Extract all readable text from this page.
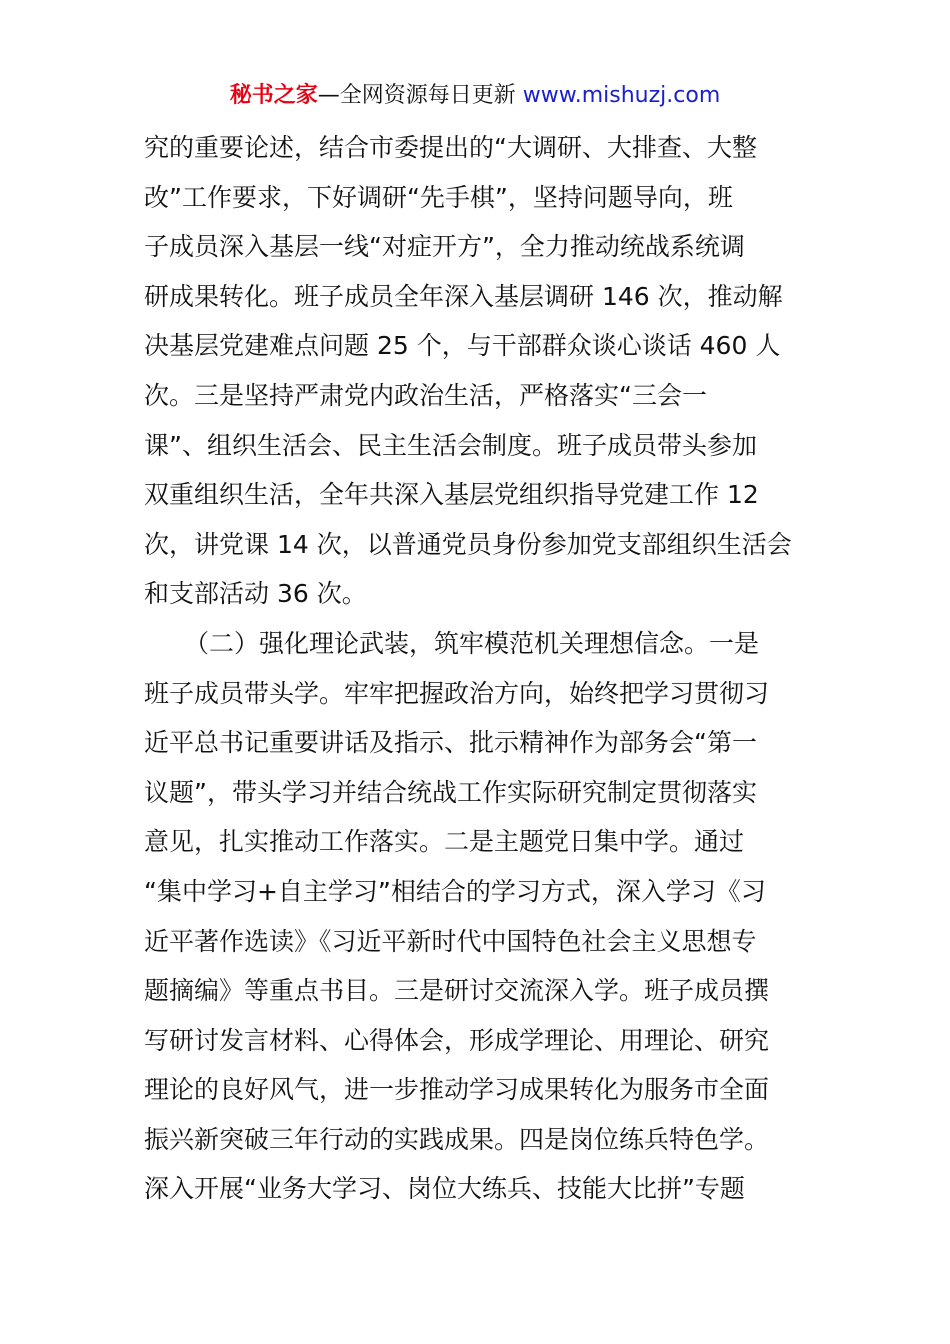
秘书之家—全网资源每日更新 www.mishuzj.com
究的重要论述，结合市委提出的“大调研、大排查、大整
改”工作要求，下好调研“先手棋”，坚持问题导向，班
子成员深入基层一线“对症开方”，全力推动统战系统调
研成果转化。班子成员全年深入基层调研 146 次，推动解
决基层党建难点问题 25 个，与干部群众谈心谈话 460 人
次。三是坚持严肃党内政治生活，严格落实“三会一
课”、组织生活会、民主生活会制度。班子成员带头参加
双重组织生活，全年共深入基层党组织指导党建工作 12
次，讲党课 14 次，以普通党员身份参加党支部组织生活会
和支部活动 36 次。
（二）强化理论武装，筑牢模范机关理想信念。一是
班子成员带头学。牢牢把握政治方向，始终把学习贯彻习
近平总书记重要讲话及指示、批示精神作为部务会“第一
议题”，带头学习并结合统战工作实际研究制定贯彻落实
意见，扎实推动工作落实。二是主题党日集中学。通过
“集中学习+自主学习”相结合的学习方式，深入学习《习
近平著作选读》《习近平新时代中国特色社会主义思想专
题摘编》等重点书目。三是研讨交流深入学。班子成员撰
写研讨发言材料、心得体会，形成学理论、用理论、研究
理论的良好风气，进一步推动学习成果转化为服务市全面
振兴新突破三年行动的实践成果。四是岗位练兵特色学。
深入开展“业务大学习、岗位大练兵、技能大比拼”专题
